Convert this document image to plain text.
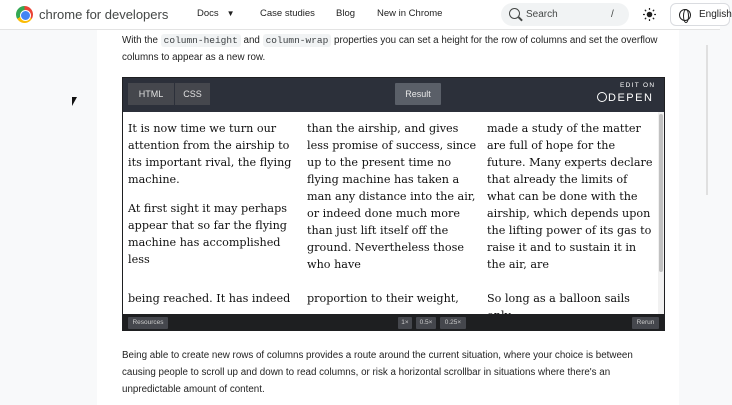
chrome for developers	Docs ▼	Case studies Blog New in Chrome	Search	/	English
With the column-height and column-wrap properties you can set a height for the row of columns and set the overflow columns to appear as a new row.
HTML	CSS	Result
EDIT ON
DEPEN

It is now time we turn our attention from the airship to its important rival, the flying machine.

At first sight it may perhaps appear that so far the flying machine has accomplished less

than the airship, and gives less promise of success, since up to the present time no flying machine has taken a man any distance into the air, or indeed done much more than just lift itself off the ground. Nevertheless those who have

made a study of the matter are full of hope for the future. Many experts declare that already the limits of what can be done with the airship, which depends upon the lifting power of its gas to raise it and to sustain it in the air, are

being reached. It has indeed	proportion to their weight,	So long as a balloon sails
Resources	1×	0.5×	0.25×	Rerun
Being able to create new rows of columns provides a route around the current situation, where your choice is between causing people to scroll up and down to read columns, or risk a horizontal scrollbar in situations where there's an unpredictable amount of content.
